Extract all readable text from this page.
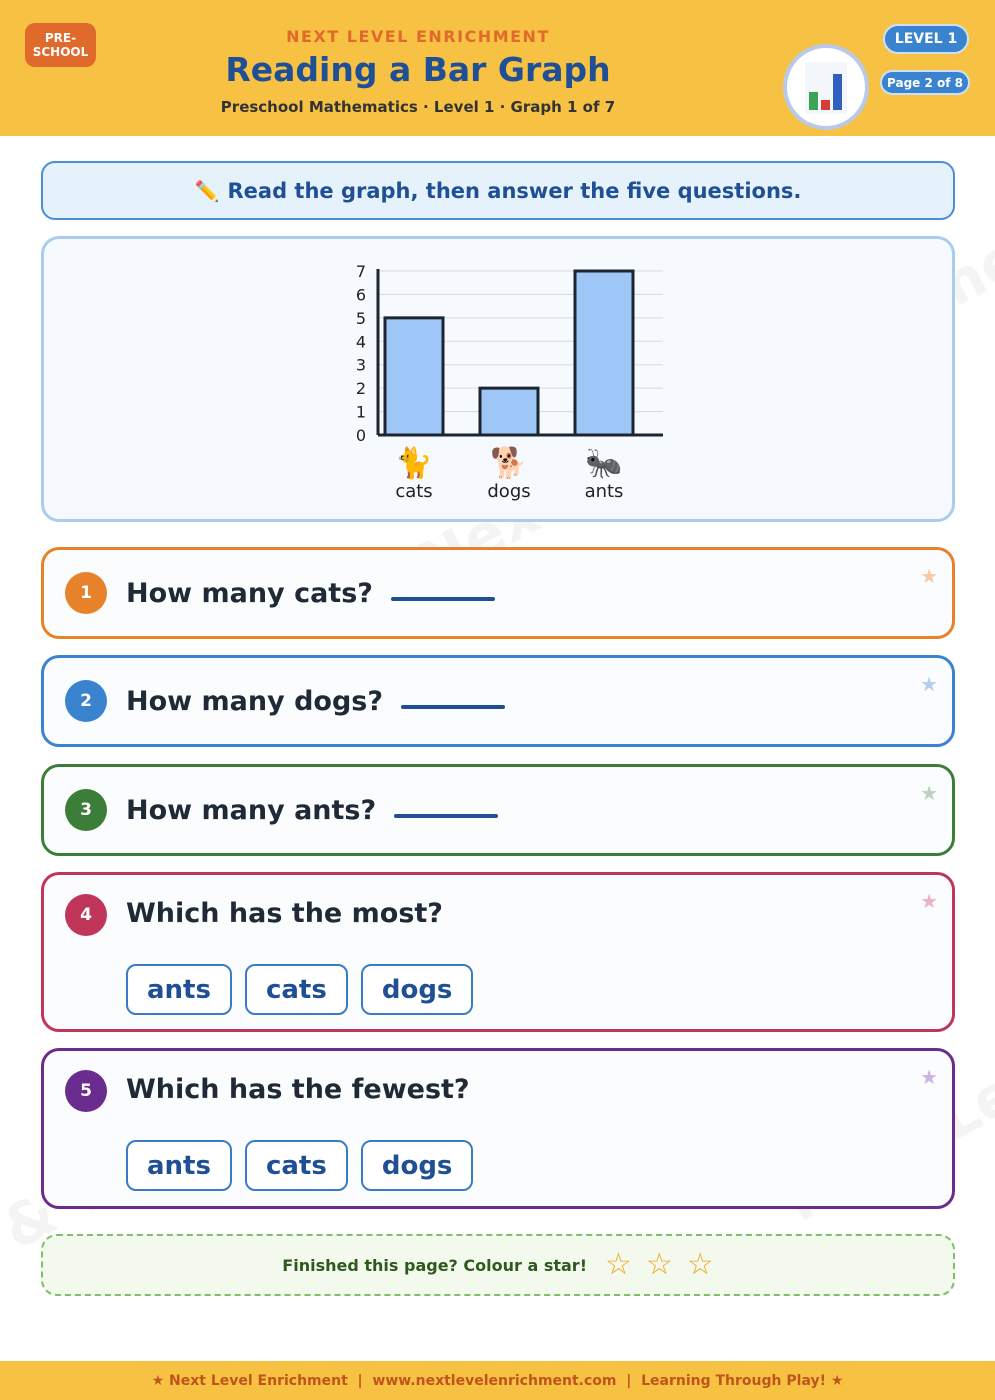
PRE-
SCHOOL
NEXT LEVEL ENRICHMENT
Reading a Bar Graph
Preschool Mathematics · Level 1 · Graph 1 of 7
LEVEL 1
Page 2 of 8
✏️ Read the graph, then answer the five questions.
0
1
2
3
4
5
6
7
🐈
cats
🐕
dogs
🐜
ants
1	How many cats?
★
2	How many dogs?
★
3	How many ants?
★
4	Which has the most?
ants	cats	dogs
★
5	Which has the fewest?
ants	cats	dogs
★
Finished this page? Colour a star! ☆ ☆ ☆
★ Next Level Enrichment  |  www.nextlevelenrichment.com  |  Learning Through Play! ★
